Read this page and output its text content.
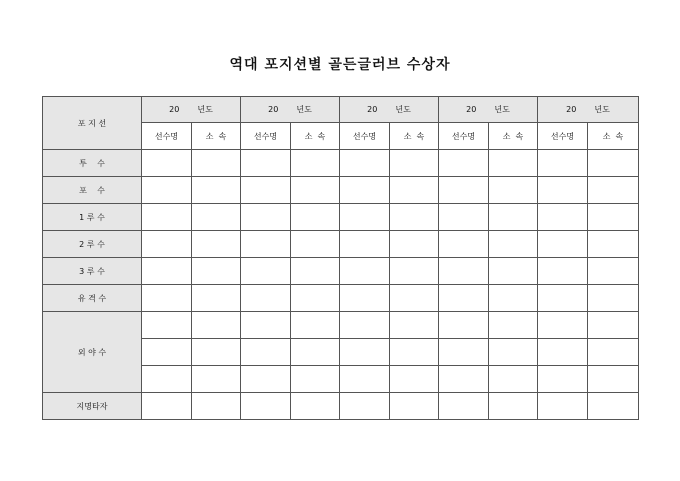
역대 포지션별 골든글러브 수상자
포 지 선	20 년도		20 년도		20 년도		20 년도		20 년도	
	선수명	소  속	선수명	소  속	선수명	소  속	선수명	소  속	선수명	소  속
투    수										
포    수										
1 루 수										
2 루 수										
3 루 수										
유 격 수										
외 야 수										

지명타자										
